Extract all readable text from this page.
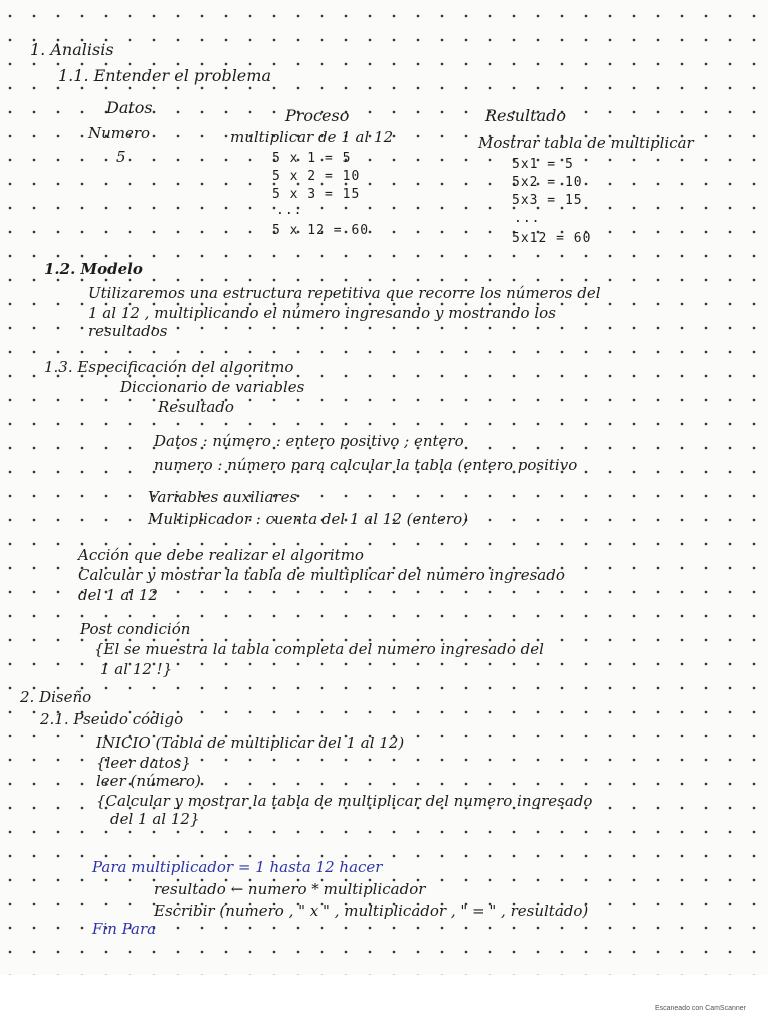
1. Analisis
1.1. Entender el problema
Datos	Proceso	Resultado
Numero
5
multiplicar de 1 al 12
5 x 1 = 5
5 x 2 = 10
5 x 3 = 15
...
5 x 12 = 60
Mostrar tabla de multiplicar
5x1 = 5
5x2 = 10
5x3 = 15
...
5x12 = 60
1.2. Modelo
Utilizaremos una estructura repetitiva que recorre los números del
1 al 12 , multiplicando el número ingresando y mostrando los
resultados
1.3. Especificación del algoritmo
Diccionario de variables
Resultado
Datos : número : entero positivo ; entero
numero : número para calcular la tabla (entero positivo
Variables auxiliares
Multiplicador : cuenta del 1 al 12 (entero)
Acción que debe realizar el algoritmo
Calcular y mostrar la tabla de multiplicar del numero ingresado
del 1 al 12
Post condición
{El se muestra la tabla completa del numero ingresado del
1 al 12 !}
2. Diseño
2.1. Pseudo código
INICIO (Tabla de multiplicar del 1 al 12)
{leer datos}
leer (número)
{Calcular y mostrar la tabla de multiplicar del numero ingresado
del 1 al 12}
Para multiplicador = 1 hasta 12 hacer
resultado ← numero * multiplicador
Escribir (numero , " x " , multiplicador , " = " , resultado)
Fin Para
Escaneado con CamScanner
